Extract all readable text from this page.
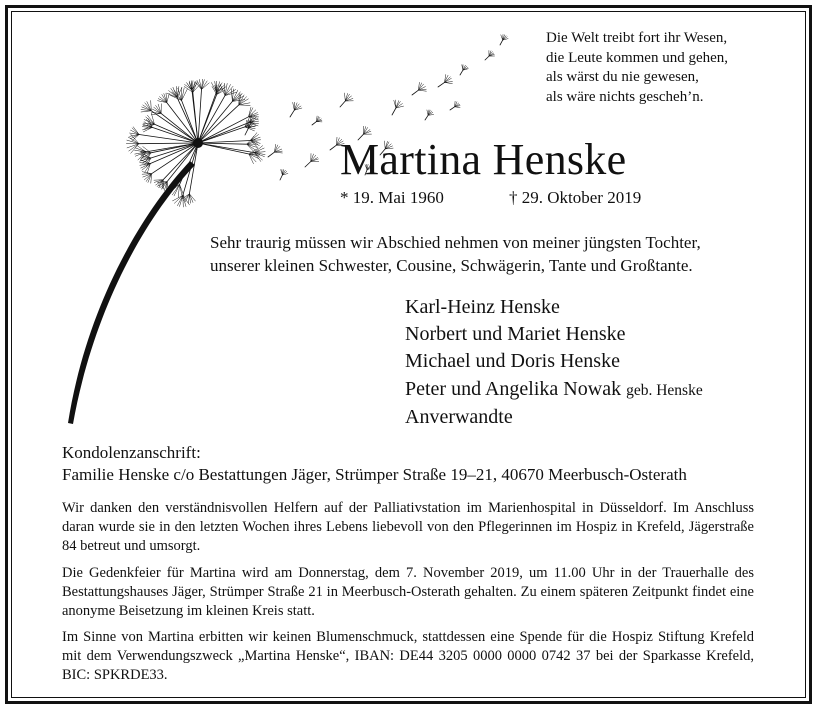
Die Welt treibt fort ihr Wesen,
die Leute kommen und gehen,
als wärst du nie gewesen,
als wäre nichts gescheh’n.
Martina Henske
* 19. Mai 1960	† 29. Oktober 2019
Sehr traurig müssen wir Abschied nehmen von meiner jüngsten Tochter,
unserer kleinen Schwester, Cousine, Schwägerin, Tante und Großtante.
Karl-Heinz Henske
Norbert und Mariet Henske
Michael und Doris Henske
Peter und Angelika Nowak geb. Henske
Anverwandte
Kondolenzanschrift:
Familie Henske c/o Bestattungen Jäger, Strümper Straße 19–21, 40670 Meerbusch-Osterath
Wir danken den verständnisvollen Helfern auf der Palliativstation im Marienhospital in Düsseldorf. Im Anschluss daran wurde sie in den letzten Wochen ihres Lebens liebevoll von den Pflegerinnen im Hospiz in Krefeld, Jägerstraße 84 betreut und umsorgt.
Die Gedenkfeier für Martina wird am Donnerstag, dem 7. November 2019, um 11.00 Uhr in der Trauerhalle des Bestattungshauses Jäger, Strümper Straße 21 in Meerbusch-Osterath gehalten. Zu einem späteren Zeitpunkt findet eine anonyme Beisetzung im kleinen Kreis statt.
Im Sinne von Martina erbitten wir keinen Blumenschmuck, stattdessen eine Spende für die Hospiz Stiftung Krefeld mit dem Verwendungszweck „Martina Henske“, IBAN: DE44 3205 0000 0000 0742 37 bei der Sparkasse Krefeld, BIC: SPKRDE33.
